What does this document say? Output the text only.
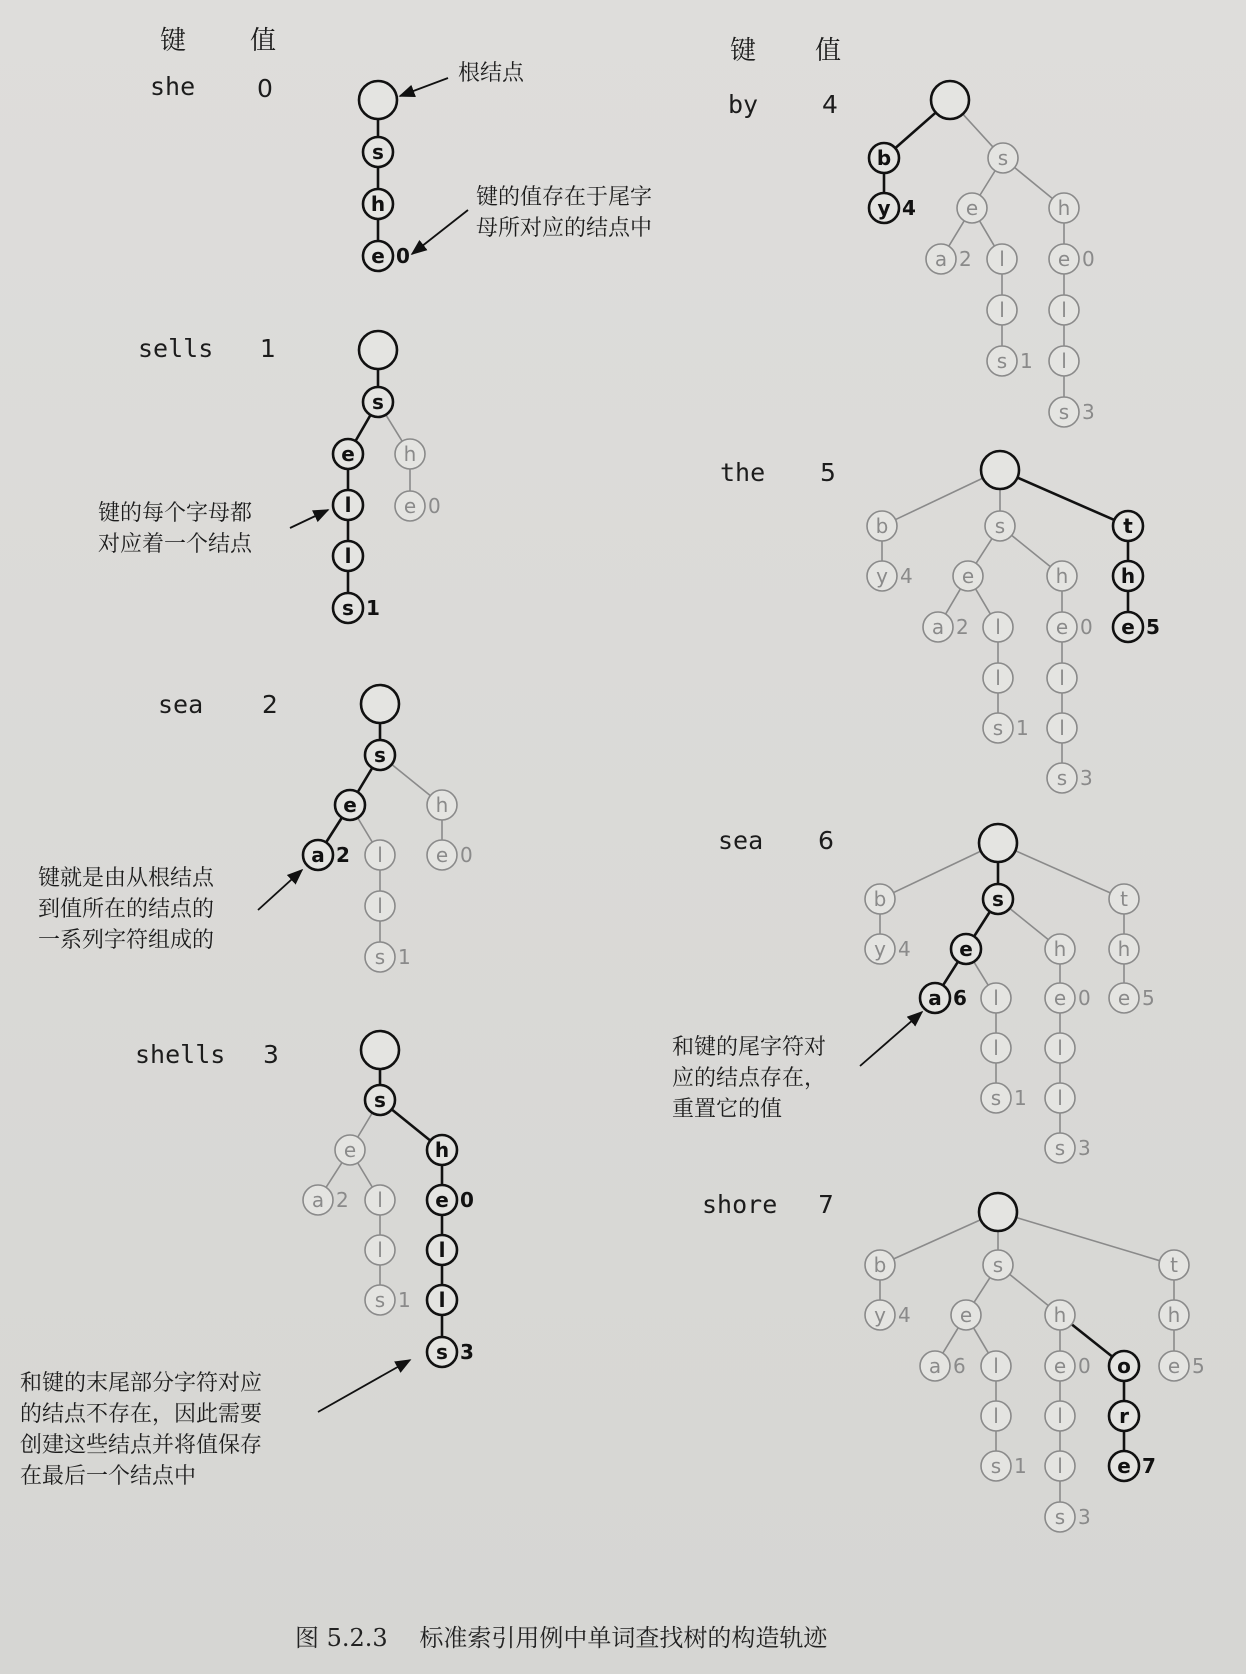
键 值	键 值
she 0
sells 1
sea 2
shells 3
by	4
the 5
sea 6
shore 7
根结点
键的值存在于尾字
母所对应的结点中
键的每个字母都
对应着一个结点
键就是由从根结点
到值所在的结点的
一系列字符组成的
和键的末尾部分字符对应
的结点不存在，因此需要
创建这些结点并将值保存
在最后一个结点中
和键的尾字符对
应的结点存在，
重置它的值
图 5.2.3 标准索引用例中单词查找树的构造轨迹
s
h
e 0
s
e
l
l
s 1
h
e 0
s
e
a 2 l
l
s 1
h
e 0
s
e
a 2 l
l
s 1
h
e 0
l
l
s 3
b
y 4
s
e
a 2 l
l
s 1
h
e 0
l
l
s 3
b
y 4
s
e
a 2 l
l
s 1
h
e 0
l
l
s 3
t
h
e 5
b
y 4
s
e
a 6 l
l
s 1
h
e 0
l
l
s 3
t
h
e 5
b
y 4
s
e
a 6 l
l
s 1
h
e 0
l
l
s 3
o
r
e 7
t
h
e 5
